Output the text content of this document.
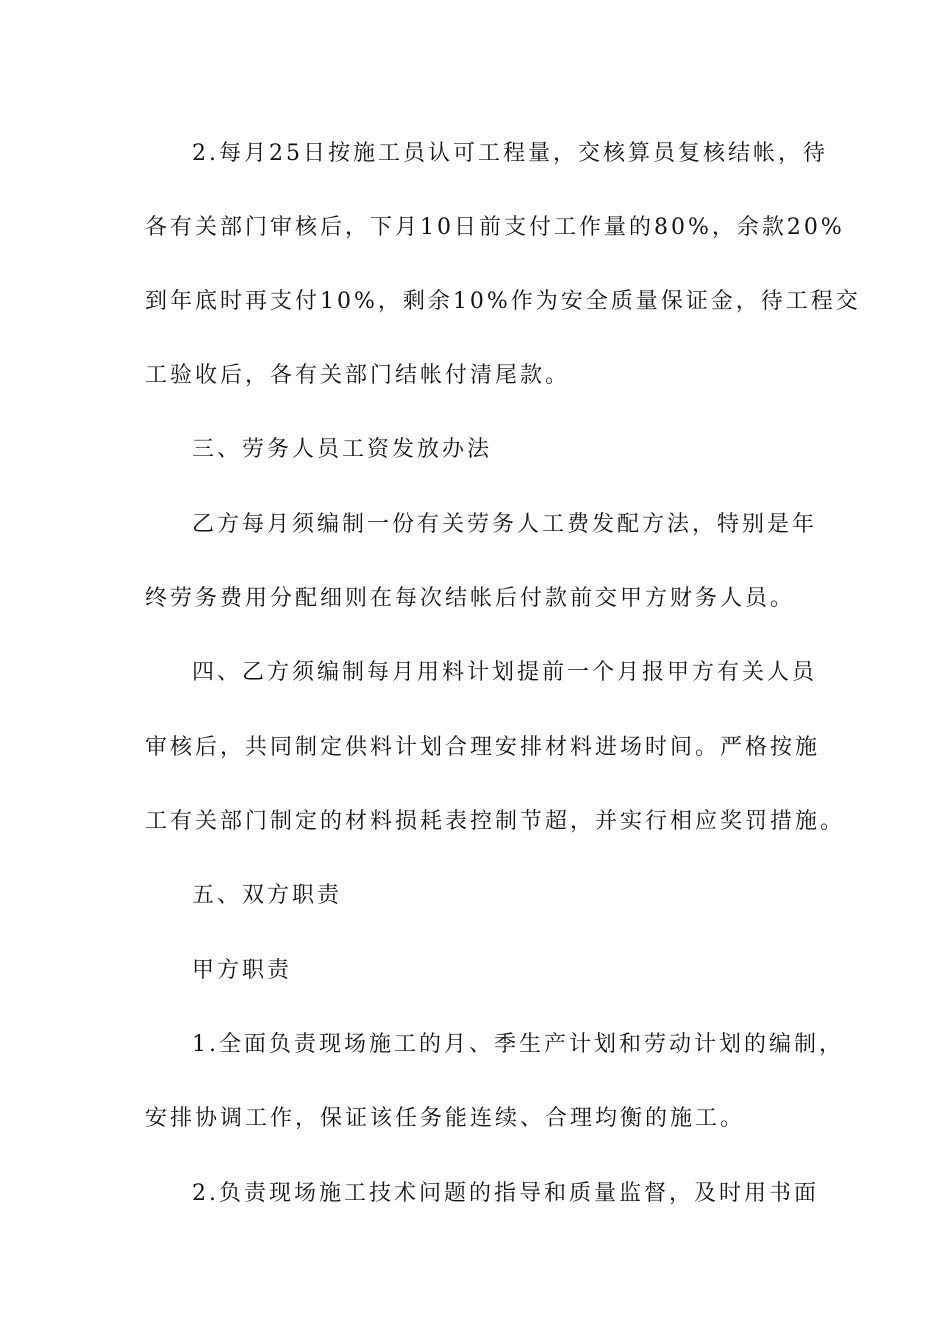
2.每月25日按施工员认可工程量，交核算员复核结帐，待
各有关部门审核后，下月10日前支付工作量的80%，余款20%
到年底时再支付10%，剩余10%作为安全质量保证金，待工程交
工验收后，各有关部门结帐付清尾款。
三、劳务人员工资发放办法
乙方每月须编制一份有关劳务人工费发配方法，特别是年
终劳务费用分配细则在每次结帐后付款前交甲方财务人员。
四、乙方须编制每月用料计划提前一个月报甲方有关人员
审核后，共同制定供料计划合理安排材料进场时间。严格按施
工有关部门制定的材料损耗表控制节超，并实行相应奖罚措施。
五、双方职责
甲方职责
1.全面负责现场施工的月、季生产计划和劳动计划的编制，
安排协调工作，保证该任务能连续、合理均衡的施工。
2.负责现场施工技术问题的指导和质量监督，及时用书面
